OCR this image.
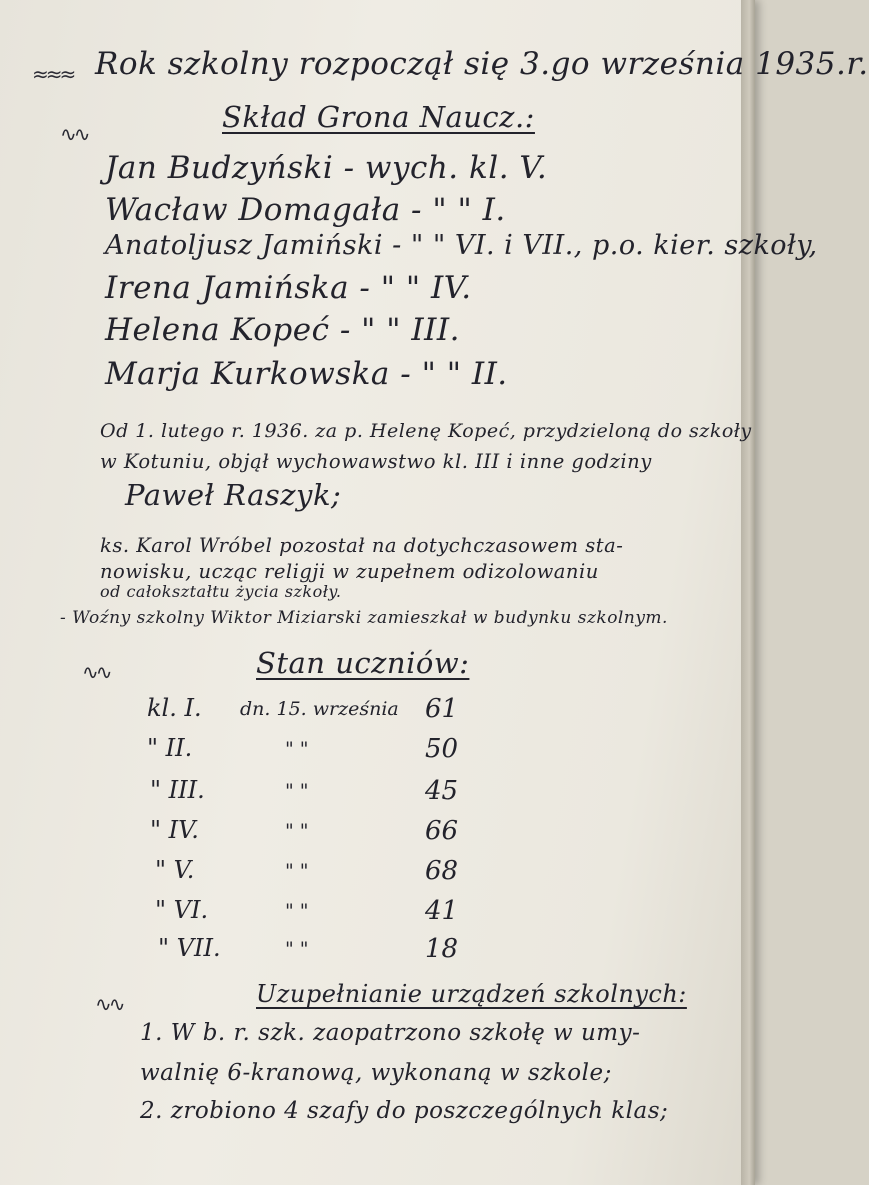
≈≈≈ Rok szkolny rozpoczął się 3.go września 1935.r.
∿∿	Skład Grona Naucz.:
Jan Budzyński - wych. kl. V.
Wacław Domagała - " " I.
Anatoljusz Jamiński - " " VI. i VII., p.o. kier. szkoły,
Irena Jamińska - " " IV.
Helena Kopeć - " " III.
Marja Kurkowska - " " II.
Od 1. lutego r. 1936. za p. Helenę Kopeć, przydzieloną do szkoły
w Kotuniu, objął wychowawstwo kl. III i inne godziny
Paweł Raszyk;
ks. Karol Wróbel pozostał na dotychczasowem sta-
nowisku, ucząc religji w zupełnem odizolowaniu
od całokształtu życia szkoły.
- Woźny szkolny Wiktor Miziarski zamieszkał w budynku szkolnym.
∿∿	Stan uczniów:
kl. I. dn. 15. września 61
" II.	" "	50
" III.	" "	45
" IV.	" "	66
" V.	" "	68
" VI.	" "	41
" VII.	" "	18
∿∿	Uzupełnianie urządzeń szkolnych:
1. W b. r. szk. zaopatrzono szkołę w umy-
walnię 6-kranową, wykonaną w szkole;
2. zrobiono 4 szafy do poszczególnych klas;
